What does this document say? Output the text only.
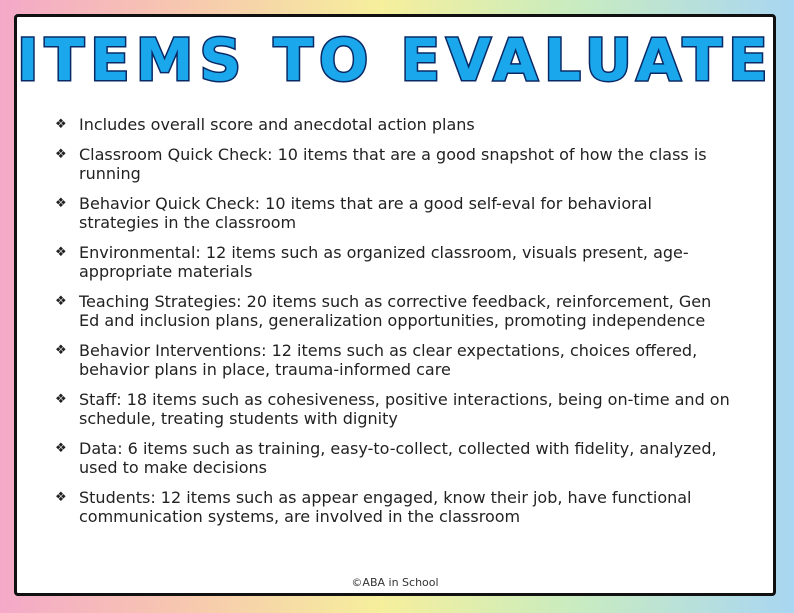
ITEMS TO EVALUATE
❖ Includes overall score and anecdotal action plans
❖ Classroom Quick Check: 10 items that are a good snapshot of how the class is running
❖ Behavior Quick Check: 10 items that are a good self-eval for behavioral strategies in the classroom
❖ Environmental: 12 items such as organized classroom, visuals present, age-appropriate materials
❖ Teaching Strategies: 20 items such as corrective feedback, reinforcement, Gen Ed and inclusion plans, generalization opportunities, promoting independence
❖ Behavior Interventions: 12 items such as clear expectations, choices offered, behavior plans in place, trauma-informed care
❖ Staff: 18 items such as cohesiveness, positive interactions, being on-time and on schedule, treating students with dignity
❖ Data: 6 items such as training, easy-to-collect, collected with fidelity, analyzed, used to make decisions
❖ Students: 12 items such as appear engaged, know their job, have functional communication systems, are involved in the classroom
©ABA in School
